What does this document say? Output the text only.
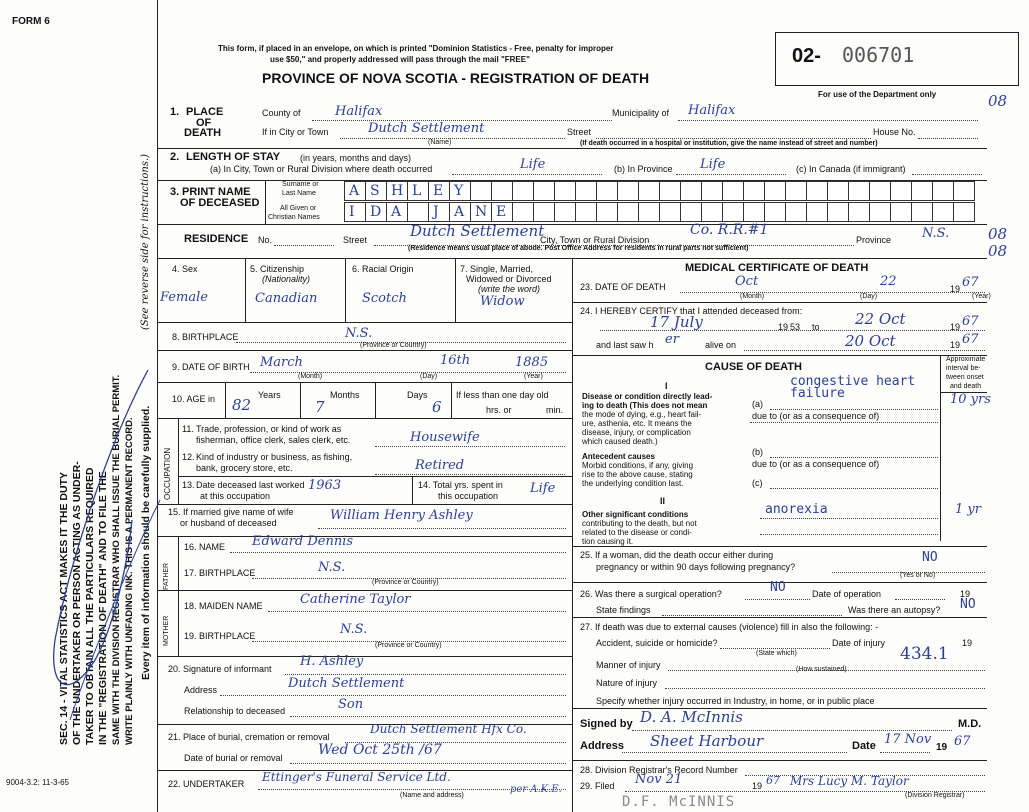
FORM 6
SEC. 14 - VITAL STATISTICS ACT MAKES IT THE DUTY OF THE UNDERTAKER OR PERSON ACTING AS UNDER- TAKER TO OBTAIN ALL THE PARTICULARS REQUIRED IN THE "REGISTRATION OF DEATH" AND TO FILE THE SAME WITH THE DIVISION REGISTRAR WHO SHALL ISSUE THE BURIAL PERMIT. WRITE PLAINLY WITH UNFADING INK. THIS IS A PERMANENT RECORD.
(See reverse side for instructions.)
Every item of information should be carefully supplied.
9004-3.2: 11-3-65
This form, if placed in an envelope, on which is printed "Dominion Statistics - Free, penalty for improper
use $50," and properly addressed will pass through the mail "FREE"
PROVINCE OF NOVA SCOTIA - REGISTRATION OF DEATH
02- 006701
For use of the Department only	08
08
08
1. PLACE
OF
DEATH
County of	Halifax	Municipality of Halifax
If in City or Town	Dutch Settlement
(Name)
Street	House No.
(If death occurred in a hospital or institution, give the name instead of street and number)
2. LENGTH OF STAY (in years, months and days)
(a) In City, Town or Rural Division where death occurred	Life	(b) In Province Life	(c) In Canada (if immigrant)
3. PRINT NAME
OF DECEASED
Surname or
Last Name
All Given or
Christian Names
A S H L E Y
I D A J A N E
RESIDENCE No.	Street	Dutch Settlement
City, Town or Rural Division
Co. R.R.#1
Province N.S.
(Residence means usual place of abode. Post Office Address for residents in rural parts not sufficient)
4. Sex
Female
5. Citizenship
(Nationality)
Canadian
6. Racial Origin
Scotch
7. Single, Married,
Widowed or Divorced
(write the word)
Widow
8. BIRTHPLACE	N.S.
(Province or Country)
9. DATE OF BIRTH March	16th	1885
(Month)	(Day)	(Year)
10. AGE in	Years
82
Months
7
Days
6
If less than one day old
hrs. or	min.
OCCUPATION
11. Trade, profession, or kind of work as
fisherman, office clerk, sales clerk, etc.	Housewife
12. Kind of industry or business, as fishing,
bank, grocery store, etc.	Retired
13. Date deceased last worked
at this occupation
1963	14. Total yrs. spent in
this occupation Life
15. If married give name of wife
or husband of deceased	William Henry Ashley
FATHER
16. NAME Edward Dennis
17. BIRTHPLACE	N.S.
(Province or Country)
MOTHER
18. MAIDEN NAME	Catherine Taylor
19. BIRTHPLACE	N.S.
(Province or Country)
20. Signature of informant H. Ashley
Address	Dutch Settlement
Relationship to deceased	Son
21. Place of burial, cremation or removal
Dutch Settlement Hfx Co.
Date of burial or removal	Wed Oct 25th /67
22. UNDERTAKER Ettinger's Funeral Service Ltd.
per A.K.E.
(Name and address)
MEDICAL CERTIFICATE OF DEATH
23. DATE OF DEATH	Oct	22	19 67
(Month)	(Day)	(Year)
24. I HEREBY CERTIFY that I attended deceased from:
17 July	19 53 to 22 Oct	19 67
and last saw h er	alive on	20 Oct	19 67
CAUSE OF DEATH
Approximate
interval be-
tween onset
and death
I
Disease or condition directly lead-
ing to death (This does not mean
the mode of dying, e.g., heart fail-
ure, asthenia, etc. It means the
disease, injury, or complication
which caused death.)
(a)
congestive heart failure	10 yrs
due to (or as a consequence of)
Antecedent causes
Morbid conditions, if any, giving
rise to the above cause, stating
the underlying condition last.
(b)
due to (or as a consequence of)
(c)
II
Other significant conditions
contributing to the death, but not
related to the disease or condi-
tion causing it.
anorexia	1 yr
25. If a woman, did the death occur either during
pregnancy or within 90 days following pregnancy?
NO
(Yes or No)
26. Was there a surgical operation?	NO	Date of operation	19
State findings	Was there an autopsy? NO
27. If death was due to external causes (violence) fill in also the following: -
Accident, suicide or homicide?	Date of injury	19
(State which)	434.1
Manner of injury	(How sustained)
Nature of injury
Specify whether injury occurred in Industry, in home, or in public place
Signed by D. A. McInnis	M.D.
Address Sheet Harbour	Date 17 Nov
19 67
28. Division Registrar's Record Number
29. Filed Nov 21	19 67 Mrs Lucy M. Taylor
(Division Registrar)
D.F. McINNIS
